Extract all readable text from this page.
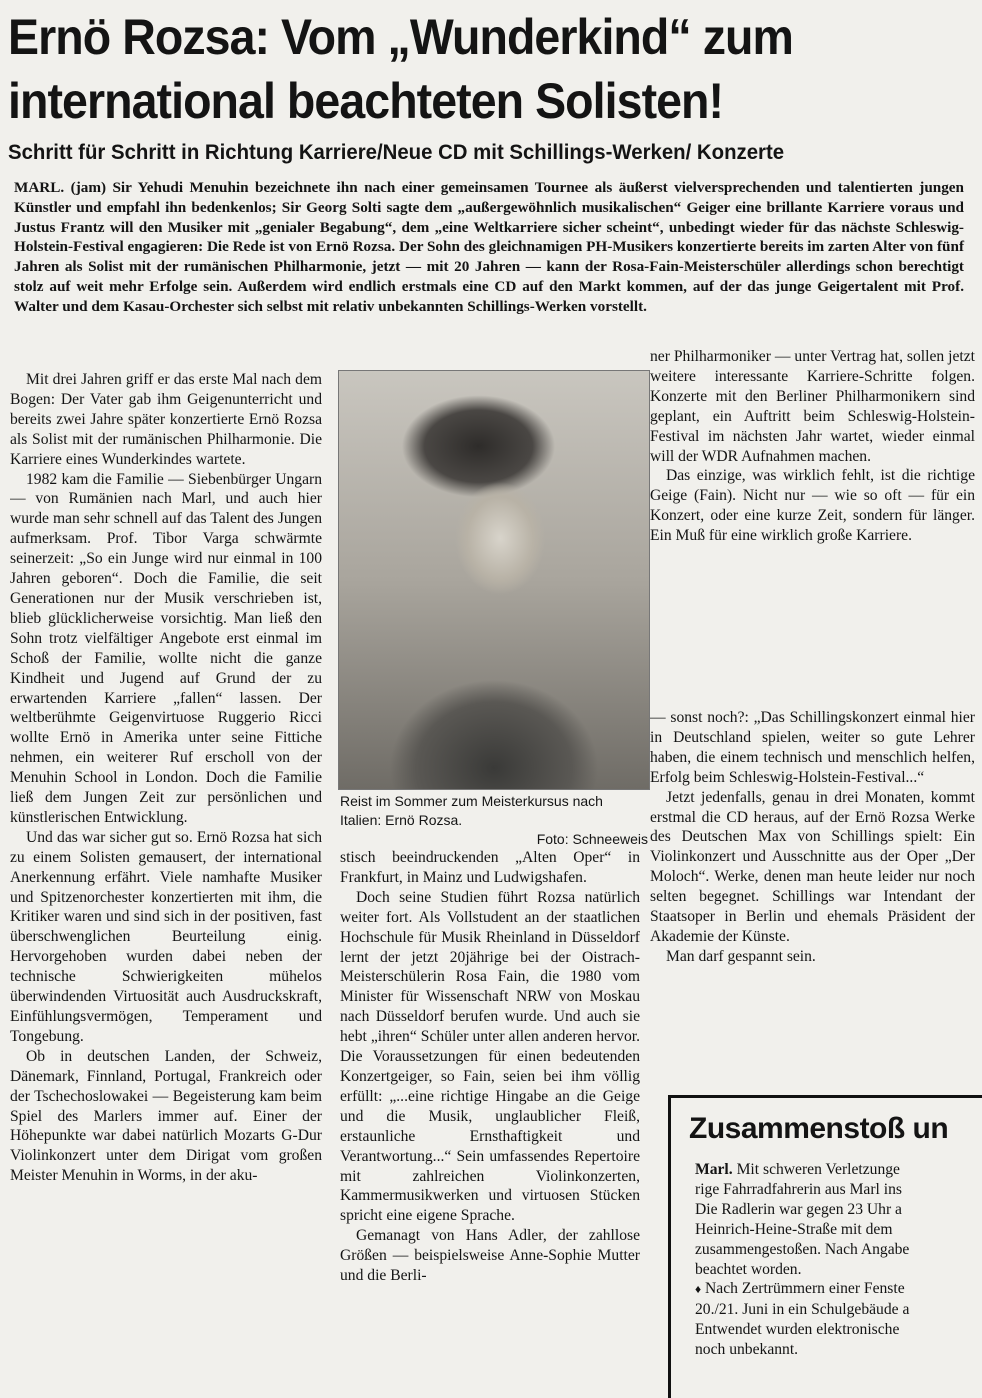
Ernö Rozsa: Vom „Wunderkind“ zum
international beachteten Solisten!
Schritt für Schritt in Richtung Karriere/Neue CD mit Schillings-Werken/ Konzerte

MARL. (jam) Sir Yehudi Menuhin bezeichnete ihn nach einer gemeinsamen Tournee als äußerst vielversprechenden und talentierten jungen Künstler und empfahl ihn bedenkenlos; Sir Georg Solti sagte dem „außergewöhnlich musikalischen“ Geiger eine brillante Karriere voraus und Justus Frantz will den Musiker mit „genialer Begabung“, dem „eine Weltkarriere sicher scheint“, unbedingt wieder für das nächste Schleswig-Holstein-Festival engagieren: Die Rede ist von Ernö Rozsa. Der Sohn des gleichnamigen PH-Musikers konzertierte bereits im zarten Alter von fünf Jahren als Solist mit der rumänischen Philharmonie, jetzt — mit 20 Jahren — kann der Rosa-Fain-Meisterschüler allerdings schon berechtigt stolz auf weit mehr Erfolge sein. Außerdem wird endlich erstmals eine CD auf den Markt kommen, auf der das junge Geigertalent mit Prof. Walter und dem Kasau-Orchester sich selbst mit relativ unbekannten Schillings-Werken vorstellt.

Mit drei Jahren griff er das erste Mal nach dem Bogen: Der Vater gab ihm Geigenunterricht und bereits zwei Jahre später konzertierte Ernö Rozsa als Solist mit der rumänischen Philharmonie. Die Karriere eines Wunderkindes wartete.

1982 kam die Familie — Siebenbürger Ungarn — von Rumänien nach Marl, und auch hier wurde man sehr schnell auf das Talent des Jungen aufmerksam. Prof. Tibor Varga schwärmte seinerzeit: „So ein Junge wird nur einmal in 100 Jahren geboren“. Doch die Familie, die seit Generationen nur der Musik verschrieben ist, blieb glücklicherweise vorsichtig. Man ließ den Sohn trotz vielfältiger Angebote erst einmal im Schoß der Familie, wollte nicht die ganze Kindheit und Jugend auf Grund der zu erwartenden Karriere „fallen“ lassen. Der weltberühmte Geigenvirtuose Ruggerio Ricci wollte Ernö in Amerika unter seine Fittiche nehmen, ein weiterer Ruf erscholl von der Menuhin School in London. Doch die Familie ließ dem Jungen Zeit zur persönlichen und künstlerischen Entwicklung.

Und das war sicher gut so. Ernö Rozsa hat sich zu einem Solisten gemausert, der international Anerkennung erfährt. Viele namhafte Musiker und Spitzenorchester konzertierten mit ihm, die Kritiker waren und sind sich in der positiven, fast überschwenglichen Beurteilung einig. Hervorgehoben wurden dabei neben der technische Schwierigkeiten mühelos überwindenden Virtuosität auch Ausdruckskraft, Einfühlungsvermögen, Temperament und Tongebung.

Ob in deutschen Landen, der Schweiz, Dänemark, Finnland, Portugal, Frankreich oder der Tschechoslowakei — Begeisterung kam beim Spiel des Marlers immer auf. Einer der Höhepunkte war dabei natürlich Mozarts G-Dur Violinkonzert unter dem Dirigat vom großen Meister Menuhin in Worms, in der aku-

Reist im Sommer zum Meisterkursus nach Italien: Ernö Rozsa.
Foto: Schneeweis

stisch beeindruckenden „Alten Oper“ in Frankfurt, in Mainz und Ludwigshafen.

Doch seine Studien führt Rozsa natürlich weiter fort. Als Vollstudent an der staatlichen Hochschule für Musik Rheinland in Düsseldorf lernt der jetzt 20jährige bei der Oistrach-Meisterschülerin Rosa Fain, die 1980 vom Minister für Wissenschaft NRW von Moskau nach Düsseldorf berufen wurde. Und auch sie hebt „ihren“ Schüler unter allen anderen hervor. Die Voraussetzungen für einen bedeutenden Konzertgeiger, so Fain, seien bei ihm völlig erfüllt: „...eine richtige Hingabe an die Geige und die Musik, unglaublicher Fleiß, erstaunliche Ernsthaftigkeit und Verantwortung...“ Sein umfassendes Repertoire mit zahlreichen Violinkonzerten, Kammermusikwerken und virtuosen Stücken spricht eine eigene Sprache.

Gemanagt von Hans Adler, der zahllose Größen — beispielsweise Anne-Sophie Mutter und die Berli-

ner Philharmoniker — unter Vertrag hat, sollen jetzt weitere interessante Karriere-Schritte folgen. Konzerte mit den Berliner Philharmonikern sind geplant, ein Auftritt beim Schleswig-Holstein-Festival im nächsten Jahr wartet, wieder einmal will der WDR Aufnahmen machen.

Das einzige, was wirklich fehlt, ist die richtige Geige (Fain). Nicht nur — wie so oft — für ein Konzert, oder eine kurze Zeit, sondern für länger. Ein Muß für eine wirklich große Karriere.

— sonst noch?: „Das Schillingskonzert einmal hier in Deutschland spielen, weiter so gute Lehrer haben, die einem technisch und menschlich helfen, Erfolg beim Schleswig-Holstein-Festival...“

Jetzt jedenfalls, genau in drei Monaten, kommt erstmal die CD heraus, auf der Ernö Rozsa Werke des Deutschen Max von Schillings spielt: Ein Violinkonzert und Ausschnitte aus der Oper „Der Moloch“. Werke, denen man heute leider nur noch selten begegnet. Schillings war Intendant der Staatsoper in Berlin und ehemals Präsident der Akademie der Künste.

Man darf gespannt sein.

Zusammenstoß un

Marl. Mit schweren Verletzunge

rige Fahrradfahrerin aus Marl ins

Die Radlerin war gegen 23 Uhr a

Heinrich-Heine-Straße mit dem

zusammengestoßen. Nach Angabe

beachtet worden.

♦ Nach Zertrümmern einer Fenste

20./21. Juni in ein Schulgebäude a

Entwendet wurden elektronische

noch unbekannt.
